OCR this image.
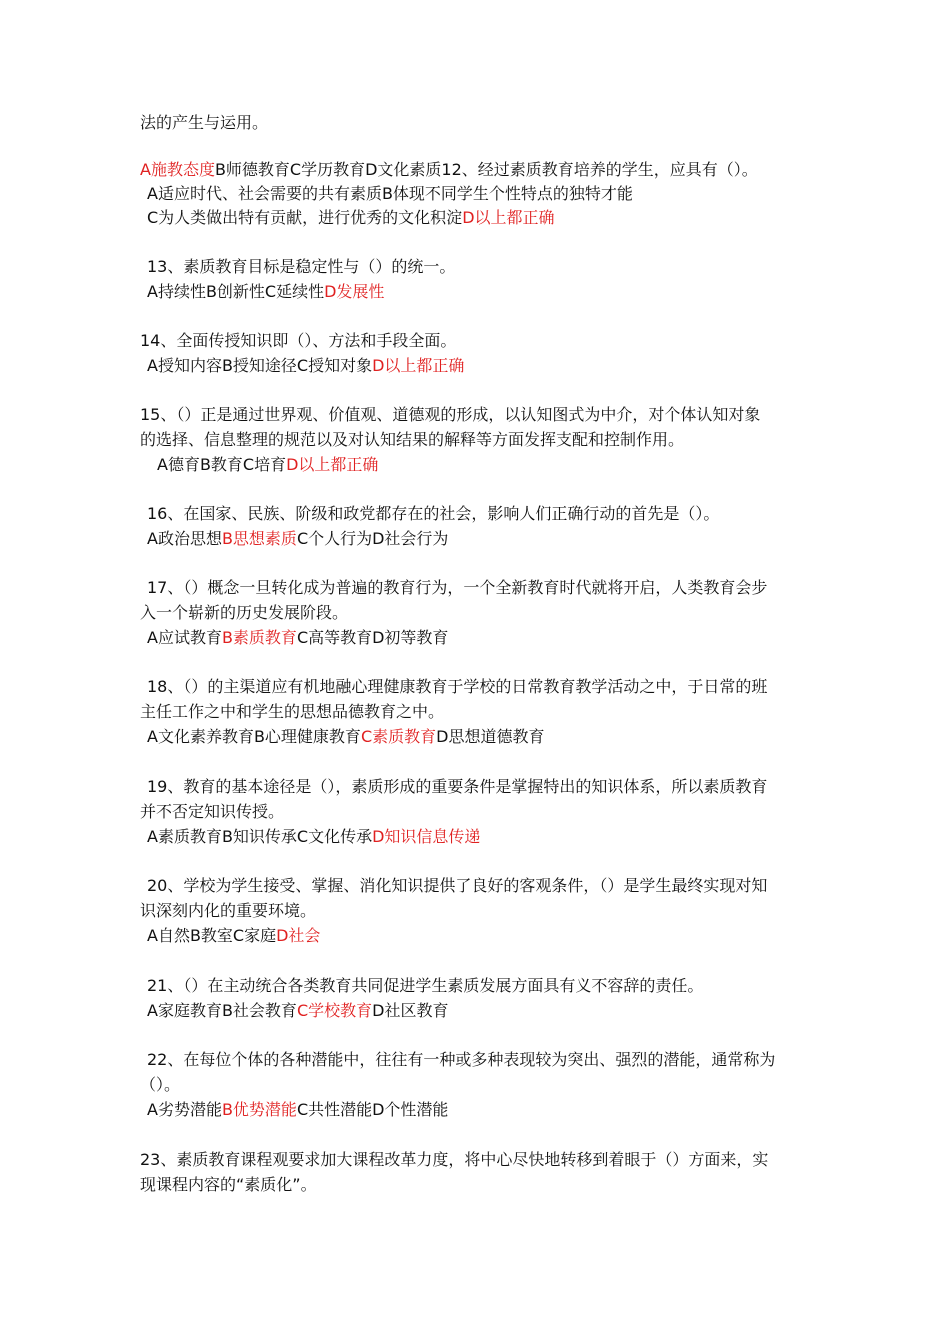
法的产生与运用。
A施教态度B师德教育C学历教育D文化素质12、经过素质教育培养的学生，应具有（）。
A适应时代、社会需要的共有素质B体现不同学生个性特点的独特才能
C为人类做出特有贡献，进行优秀的文化积淀D以上都正确
13、素质教育目标是稳定性与（）的统一。
A持续性B创新性C延续性D发展性
14、全面传授知识即（）、方法和手段全面。
A授知内容B授知途径C授知对象D以上都正确
15、（）正是通过世界观、价值观、道德观的形成，以认知图式为中介，对个体认知对象
的选择、信息整理的规范以及对认知结果的解释等方面发挥支配和控制作用。
A德育B教育C培育D以上都正确
16、在国家、民族、阶级和政党都存在的社会，影响人们正确行动的首先是（）。
A政治思想B思想素质C个人行为D社会行为
17、（）概念一旦转化成为普遍的教育行为，一个全新教育时代就将开启，人类教育会步
入一个崭新的历史发展阶段。
A应试教育B素质教育C高等教育D初等教育
18、（）的主渠道应有机地融心理健康教育于学校的日常教育教学活动之中，于日常的班
主任工作之中和学生的思想品德教育之中。
A文化素养教育B心理健康教育C素质教育D思想道德教育
19、教育的基本途径是（），素质形成的重要条件是掌握特出的知识体系，所以素质教育
并不否定知识传授。
A素质教育B知识传承C文化传承D知识信息传递
20、学校为学生接受、掌握、消化知识提供了良好的客观条件，（）是学生最终实现对知
识深刻内化的重要环境。
A自然B教室C家庭D社会
21、（）在主动统合各类教育共同促进学生素质发展方面具有义不容辞的责任。
A家庭教育B社会教育C学校教育D社区教育
22、在每位个体的各种潜能中，往往有一种或多种表现较为突出、强烈的潜能，通常称为
（）。
A劣势潜能B优势潜能C共性潜能D个性潜能
23、素质教育课程观要求加大课程改革力度，将中心尽快地转移到着眼于（）方面来，实
现课程内容的“素质化”。
